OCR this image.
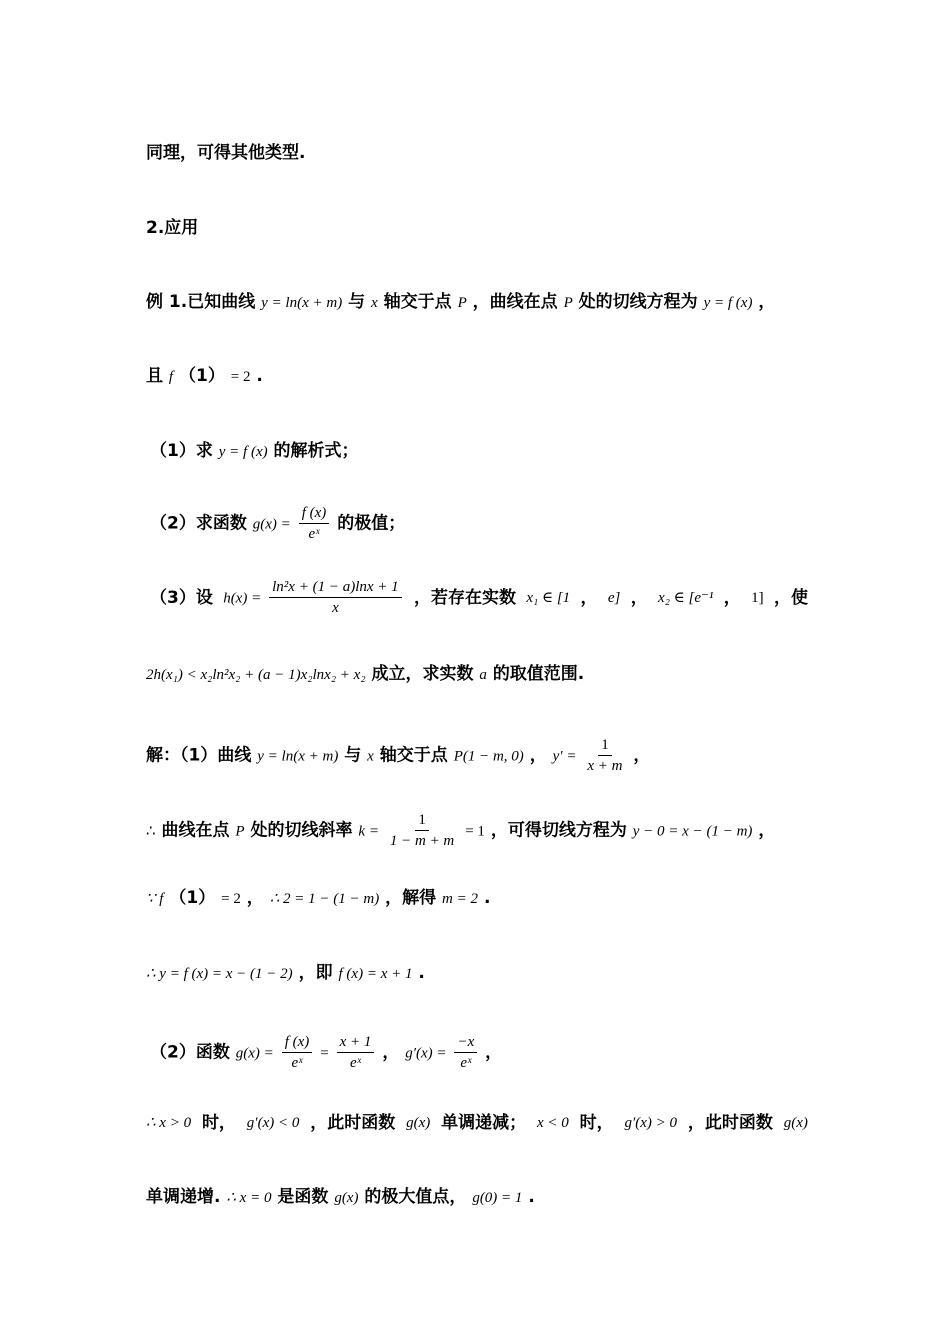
同理，可得其他类型.
2.应用
例 1.已知曲线 y = ln(x + m) 与 x 轴交于点 P ，曲线在点 P 处的切线方程为 y = f (x) ，
且 f （1） = 2 .
（1）求 y = f (x) 的解析式；
（2）求函数 $g(x) = \frac{f (x)}{\text{eˣ}}$ 的极值；
（3）设 $h(x) = \frac{\text{ln²x + (1 − a)lnx + 1}}{x}$ ，若存在实数 x₁ ∈ [1 ， e] ， x₂ ∈ [e⁻¹ ， 1] ，使
2h(x₁) < x₂ln²x₂ + (a − 1)x₂lnx₂ + x₂ 成立，求实数 a 的取值范围.
解：（1）曲线 y = ln(x + m) 与 x 轴交于点 P(1 − m, 0) ， $y' = \frac{1}{x + m}$ ，
∴ 曲线在点 P 处的切线斜率 $k = \frac{1}{1 - m + m} = 1$ ，可得切线方程为 y − 0 = x − (1 − m) ，
∵ f （1） = 2 ， ∴ 2 = 1 − (1 − m) ，解得 m = 2 .
∴ y = f (x) = x − (1 − 2) ，即 f (x) = x + 1 .
（2）函数 $g(x) = \frac{f (x)}{\text{eˣ}} = \frac{x + 1}{\text{eˣ}}$ ， $g'(x) = \frac{-x}{\text{eˣ}}$ ，
∴ x > 0 时， g′(x) < 0 ，此时函数 g(x) 单调递减； x < 0 时， g′(x) > 0 ，此时函数 g(x)
单调递增. ∴ x = 0 是函数 g(x) 的极大值点， g(0) = 1 .
